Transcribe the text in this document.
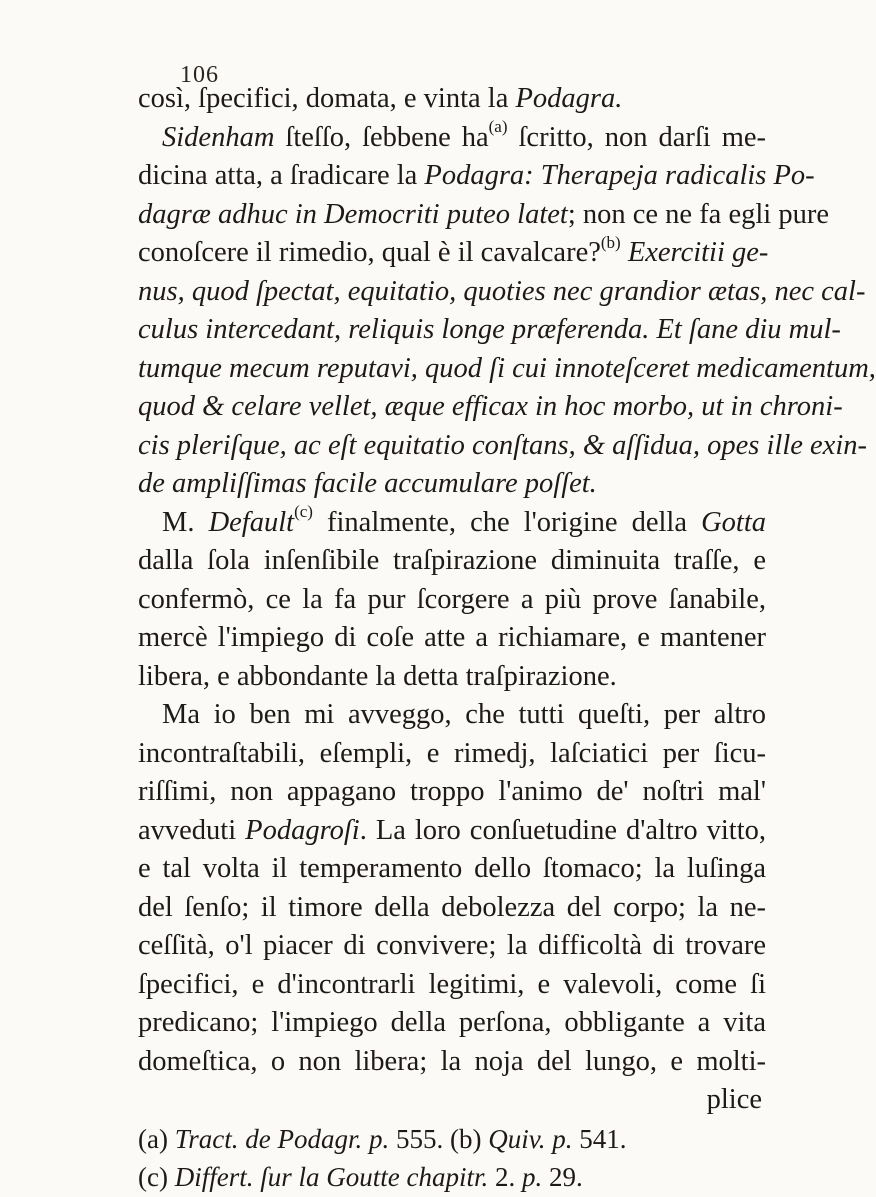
106
così, ſpecifici, domata, e vinta la Podagra.
Sidenham ſteſſo, ſebbene $ha^{(a)}$ ſcritto, non darſi me-
dicina atta, a ſradicare la Podagra: Therapeja radicalis Po-
dagræ adhuc in Democriti puteo latet; non ce ne fa egli pure
conoſcere il rimedio, qual è il cavalcare?$^{(b)}$ Exercitii ge-
nus, quod ſpectat, equitatio, quoties nec grandior ætas, nec cal-
culus intercedant, reliquis longe præferenda. Et ſane diu mul-
tumque mecum reputavi, quod ſi cui innoteſceret medicamentum,
quod & celare vellet, æque efficax in hoc morbo, ut in chroni-
cis pleriſque, ac eſt equitatio conſtans, & aſſidua, opes ille exin-
de ampliſſimas facile accumulare poſſet.
M. Default$^{(c)}$ finalmente, che l'origine della Gotta
dalla ſola inſenſibile traſpirazione diminuita traſſe, e
confermò, ce la fa pur ſcorgere a più prove ſanabile,
mercè l'impiego di coſe atte a richiamare, e mantener
libera, e abbondante la detta traſpirazione.
Ma io ben mi avveggo, che tutti queſti, per altro
incontraſtabili, eſempli, e rimedj, laſciatici per ſicu-
riſſimi, non appagano troppo l'animo de' noſtri mal'
avveduti Podagroſi. La loro conſuetudine d'altro vitto,
e tal volta il temperamento dello ſtomaco; la luſinga
del ſenſo; il timore della debolezza del corpo; la ne-
ceſſità, o'l piacer di convivere; la difficoltà di trovare
ſpecifici, e d'incontrarli legitimi, e valevoli, come ſi
predicano; l'impiego della perſona, obbligante a vita
domeſtica, o non libera; la noja del lungo, e molti-
plice
(a) Tract. de Podagr. p. 555. (b) Quiv. p. 541.
(c) Differt. ſur la Goutte chapitr. 2. p. 29.
